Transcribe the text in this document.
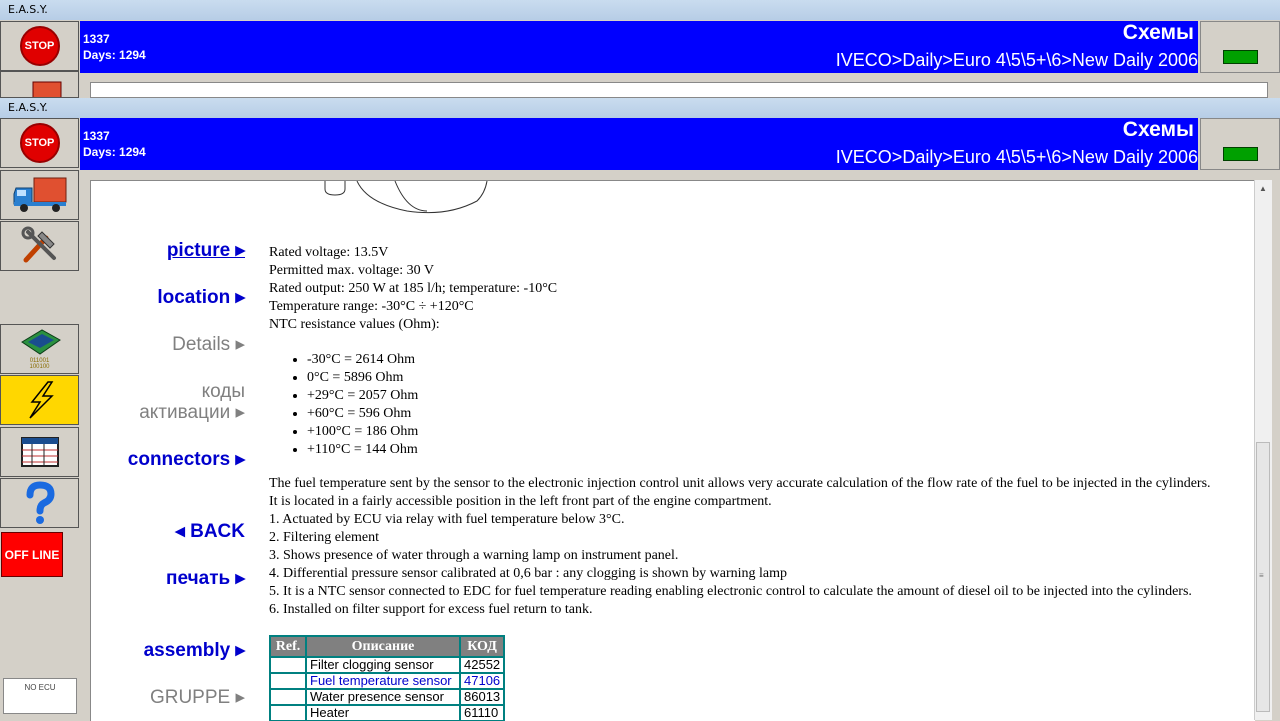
E.A.S.Y.
1337
Days: 1294
Схемы
IVECO>Daily>Euro 4\5\5+\6>New Daily 2006
STOP
E.A.S.Y.
1337
Days: 1294
Схемы
IVECO>Daily>Euro 4\5\5+\6>New Daily 2006
STOP
011001 100100
OFF LINE
NO ECU
picture ▸
location ▸
Details ▸
коды
активации ▸
connectors ▸
◂ BACK
печать ▸
assembly ▸
GRUPPE ▸
Rated voltage: 13.5V
Permitted max. voltage: 30 V
Rated output: 250 W at 185 l/h; temperature: -10°C
Temperature range: -30°C ÷ +120°C
NTC resistance values (Ohm):
• -30°C = 2614 Ohm
• 0°C = 5896 Ohm
• +29°C = 2057 Ohm
• +60°C = 596 Ohm
• +100°C = 186 Ohm
• +110°C = 144 Ohm
The fuel temperature sent by the sensor to the electronic injection control unit allows very accurate calculation of the flow rate of the fuel to be injected in the cylinders.
It is located in a fairly accessible position in the left front part of the engine compartment.
1. Actuated by ECU via relay with fuel temperature below 3°C.
2. Filtering element
3. Shows presence of water through a warning lamp on instrument panel.
4. Differential pressure sensor calibrated at 0,6 bar : any clogging is shown by warning lamp
5. It is a NTC sensor connected to EDC for fuel temperature reading enabling electronic control to calculate the amount of diesel oil to be injected into the cylinders.
6. Installed on filter support for excess fuel return to tank.
Ref.	Описание	КОД
	Filter clogging sensor	42552
	Fuel temperature sensor	47106
	Water presence sensor	86013
	Heater	61110
▲
≡
